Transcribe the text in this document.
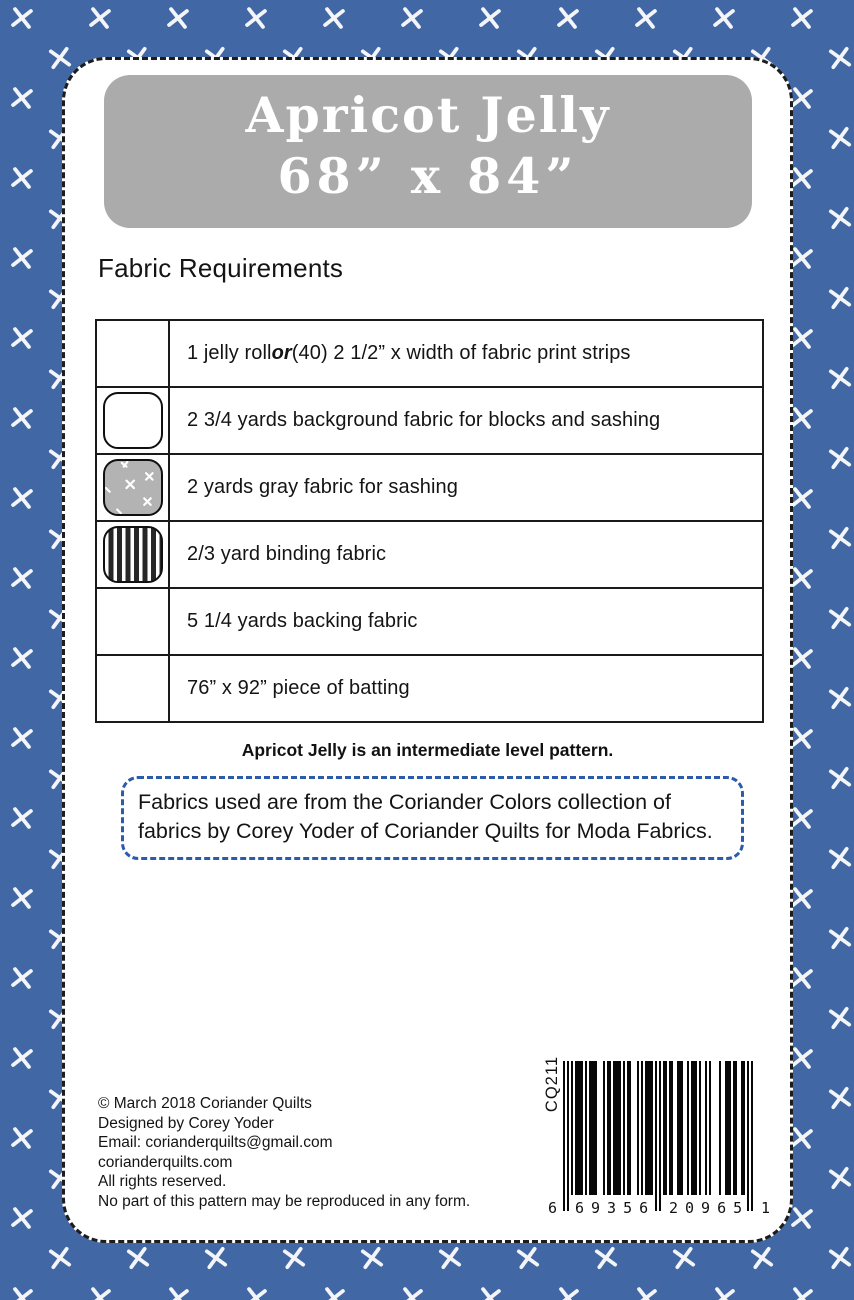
Apricot Jelly
68” x 84”
Fabric Requirements
1 jelly roll or (40) 2 1/2” x width of fabric print strips
2 3/4 yards background fabric for blocks and sashing
2 yards gray fabric for sashing
2/3 yard binding fabric
5 1/4 yards backing fabric
76” x 92” piece of batting
Apricot Jelly is an intermediate level pattern.
Fabrics used are from the Coriander Colors collection of
fabrics by Corey Yoder of Coriander Quilts for Moda Fabrics.
© March 2018 Coriander Quilts
Designed by Corey Yoder
Email: corianderquilts@gmail.com
corianderquilts.com
All rights reserved.
No part of this pattern may be reproduced in any form.
CQ211
6	69356 20965 1
